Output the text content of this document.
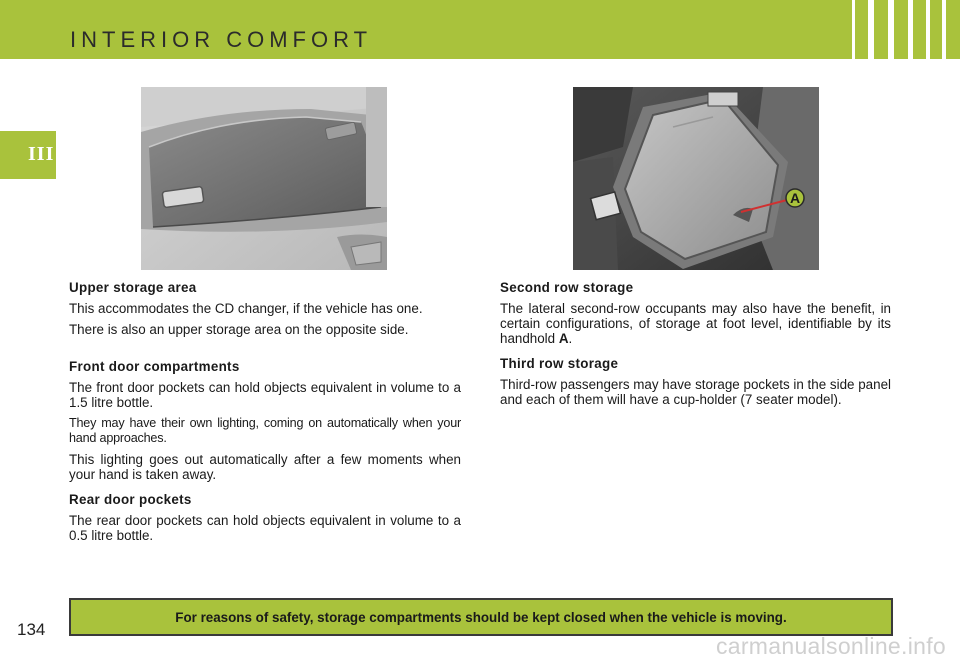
INTERIOR COMFORT
III
A
Upper storage area
This accommodates the CD changer, if the vehicle has one.
There is also an upper storage area on the opposite side.
Front door compartments
The front door pockets can hold objects equivalent in volume to a 1.5 litre bottle.
They may have their own lighting, coming on automatically when your hand approaches.
This lighting goes out automatically after a few moments when your hand is taken away.
Rear door pockets
The rear door pockets can hold objects equivalent in volume to a 0.5 litre bottle.
Second row storage
The lateral second-row occupants may also have the benefit, in certain configurations, of storage at foot level, identifiable by its handhold A.
Third row storage
Third-row passengers may have storage pockets in the side panel and each of them will have a cup-holder (7 seater model).
For reasons of safety, storage compartments should be kept closed when the vehicle is moving.
134
carmanualsonline.info
